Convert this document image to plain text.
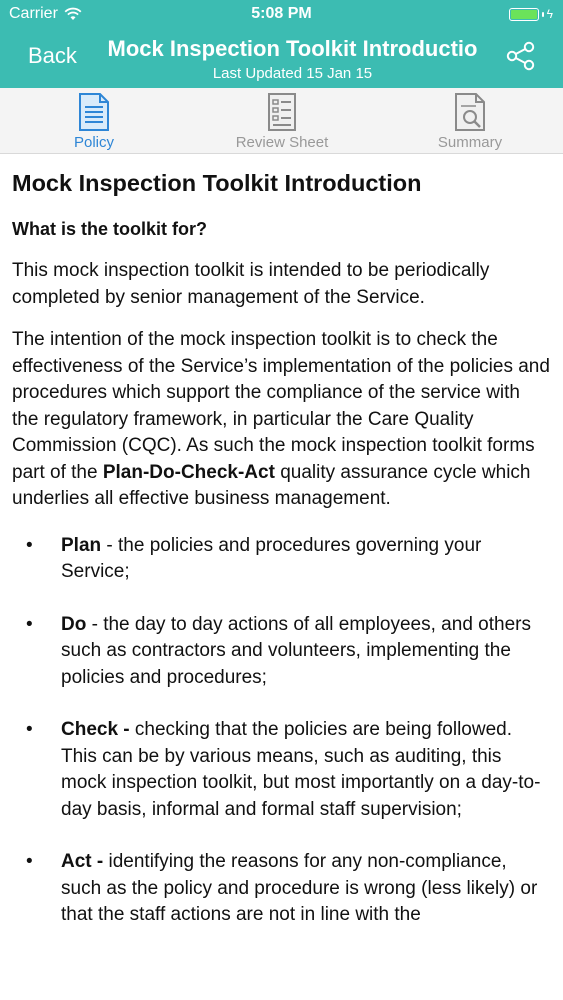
Carrier	5:08 PM	ϟ
Back	Mock Inspection Toolkit Introductio
Last Updated 15 Jan 15
Policy	Review Sheet	Summary
Mock Inspection Toolkit Introduction
What is the toolkit for?

This mock inspection toolkit is intended to be periodically completed by senior management of the Service.

The intention of the mock inspection toolkit is to check the effectiveness of the Service’s implementation of the policies and procedures which support the compliance of the service with the regulatory framework, in particular the Care Quality Commission (CQC). As such the mock inspection toolkit forms part of the Plan-Do-Check-Act quality assurance cycle which underlies all effective business management.

• Plan - the policies and procedures governing your Service;
• Do - the day to day actions of all employees, and others such as contractors and volunteers, implementing the policies and procedures;
• Check - checking that the policies are being followed. This can be by various means, such as auditing, this mock inspection toolkit, but most importantly on a day-to-day basis, informal and formal staff supervision;
• Act - identifying the reasons for any non-compliance, such as the policy and procedure is wrong (less likely) or that the staff actions are not in line with the
